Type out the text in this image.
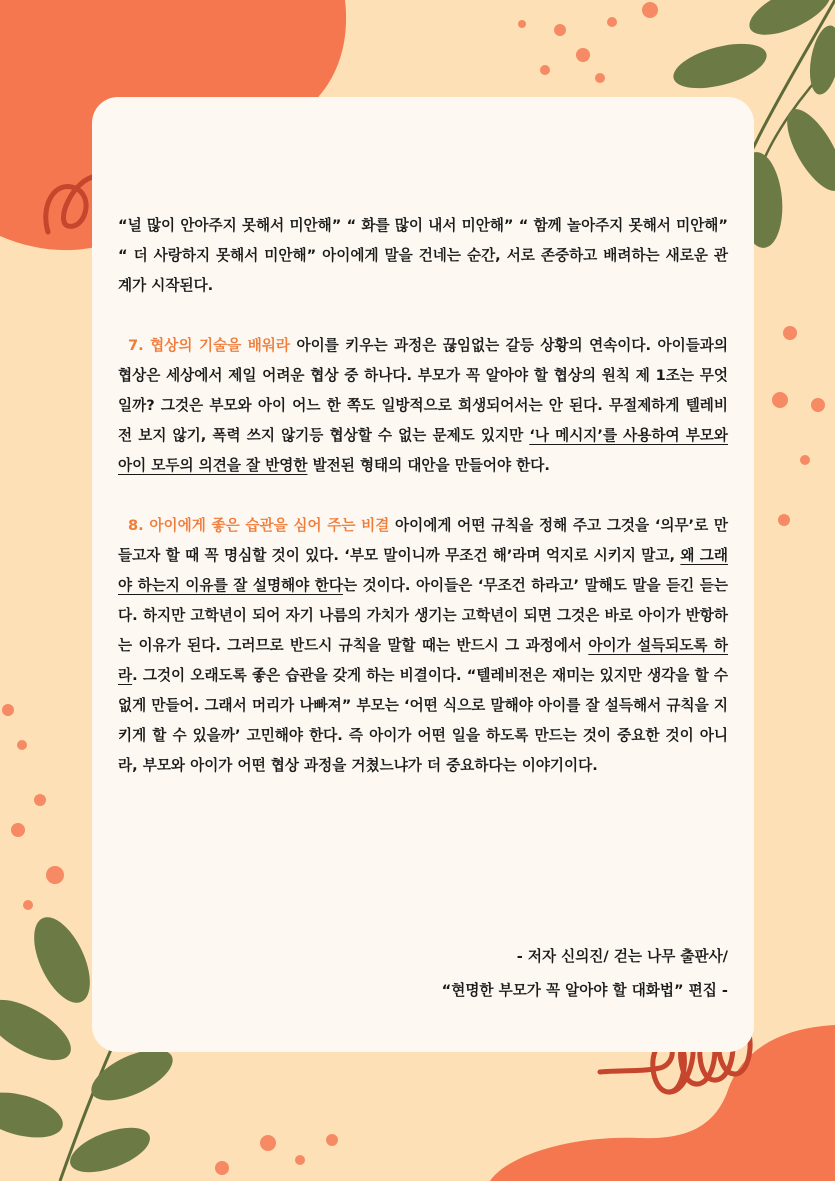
“널 많이 안아주지 못해서 미안해” “ 화를 많이 내서 미안해” “ 함께 놀아주지 못해서 미안해” “ 더 사랑하지 못해서 미안해” 아이에게 말을 건네는 순간, 서로 존중하고 배려하는 새로운 관계가 시작된다.

7. 협상의 기술을 배워라 아이를 키우는 과정은 끊임없는 갈등 상황의 연속이다. 아이들과의 협상은 세상에서 제일 어려운 협상 중 하나다. 부모가 꼭 알아야 할 협상의 원칙 제 1조는 무엇일까? 그것은 부모와 아이 어느 한 쪽도 일방적으로 희생되어서는 안 된다. 무절제하게 텔레비전 보지 않기, 폭력 쓰지 않기등 협상할 수 없는 문제도 있지만 ‘나 메시지’를 사용하여 부모와 아이 모두의 의견을 잘 반영한 발전된 형태의 대안을 만들어야 한다.

8. 아이에게 좋은 습관을 심어 주는 비결 아이에게 어떤 규칙을 정해 주고 그것을 ‘의무’로 만들고자 할 때 꼭 명심할 것이 있다. ‘부모 말이니까 무조건 해’라며 억지로 시키지 말고, 왜 그래야 하는지 이유를 잘 설명해야 한다는 것이다. 아이들은 ‘무조건 하라고’ 말해도 말을 듣긴 듣는다. 하지만 고학년이 되어 자기 나름의 가치가 생기는 고학년이 되면 그것은 바로 아이가 반항하는 이유가 된다. 그러므로 반드시 규칙을 말할 때는 반드시 그 과정에서 아이가 설득되도록 하라. 그것이 오래도록 좋은 습관을 갖게 하는 비결이다. “텔레비전은 재미는 있지만 생각을 할 수 없게 만들어. 그래서 머리가 나빠져” 부모는 ‘어떤 식으로 말해야 아이를 잘 설득해서 규칙을 지키게 할 수 있을까’ 고민해야 한다. 즉 아이가 어떤 일을 하도록 만드는 것이 중요한 것이 아니라, 부모와 아이가 어떤 협상 과정을 거쳤느냐가 더 중요하다는 이야기이다.

- 저자 신의진/ 걷는 나무 출판사/
“현명한 부모가 꼭 알아야 할 대화법” 편집 -
